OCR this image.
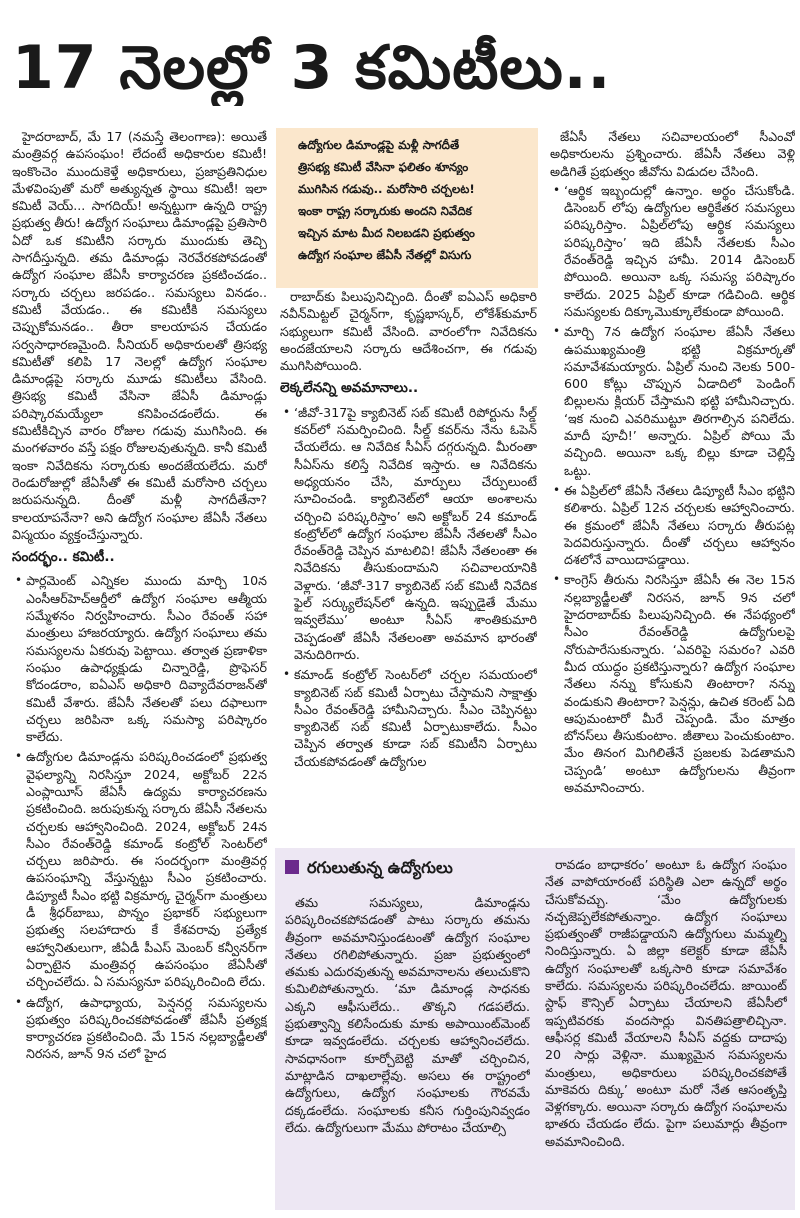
17 నెలల్లో 3 కమిటీలు..
▸ ఉద్యోగుల డిమాండ్లపై మళ్లీ సాగదీతే
▸ త్రిసభ్య కమిటీ వేసినా ఫలితం శూన్యం
▸ ముగిసిన గడువు.. మరోసారి చర్చలట!
▸ ఇంకా రాష్ట్ర సర్కారుకు అందని నివేదిక
▸ ఇచ్చిన మాట మీద నిలబడని ప్రభుత్వం
▸ ఉద్యోగ సంఘాల జేఏసీ నేతల్లో విసుగు

హైదరాబాద్, మే 17 (నమస్తే తెలంగాణ): అయితే మంత్రివర్గ ఉపసంఘం! లేదంటే అధికారుల కమిటీ! ఇంకొంచెం ముందుకెళ్తే అధికారులు, ప్రజాప్రతినిధుల మేళవింపుతో మరో అత్యున్నత స్థాయి కమిటీ! ఇలా కమిటీ వెయ్... సాగదియ్! అన్నట్టుగా ఉన్నది రాష్ట్ర ప్రభుత్వ తీరు! ఉద్యోగ సంఘాలు డిమాండ్లపై ప్రతిసారి ఏదో ఒక కమిటీని సర్కారు ముందుకు తెచ్చి సాగదీస్తున్నది. తమ డిమాండ్లు నెరవేరకపోవడంతో ఉద్యోగ సంఘాల జేఏసీ కార్యాచరణ ప్రకటించడం.. సర్కారు చర్చలు జరపడం.. సమస్యలు వినడం.. కమిటీ వేయడం.. ఈ కమిటీకి సమస్యలు చెప్పుకోమనడం.. తీరా కాలయాపన చేయడం సర్వసాధారణమైంది. సీనియర్ అధికారులతో త్రిసభ్య కమిటీతో కలిపి 17 నెలల్లో ఉద్యోగ సంఘాల డిమాండ్లపై సర్కారు మూడు కమిటీలు వేసింది. త్రిసభ్య కమిటీ వేసినా జేఏసీ డిమాండ్లు పరిష్కారమయ్యేలా కనిపించడంలేదు. ఈ కమిటీకిచ్చిన వారం రోజుల గడువు ముగిసింది. ఈ మంగళవారం వస్తే పక్షం రోజులవుతున్నది. కానీ కమిటీ ఇంకా నివేదికను సర్కారుకు అందజేయలేదు. మరో రెండురోజుల్లో జేఏసీతో ఈ కమిటీ మరోసారి చర్చలు జరుపనున్నది. దీంతో మళ్లీ సాగదీతేనా? కాలయాపనేనా? అని ఉద్యోగ సంఘాల జేఏసీ నేతలు విస్మయం వ్యక్తంచేస్తున్నారు.

సందర్భం.. కమిటీ..

• పార్లమెంట్ ఎన్నికల ముందు మార్చి 10న ఎంసీఆర్‌హెచ్‌ఆర్డీలో ఉద్యోగ సంఘాల ఆత్మీయ సమ్మేళనం నిర్వహించారు. సీఎం రేవంత్ సహా మంత్రులు హాజరయ్యారు. ఉద్యోగ సంఘాలు తమ సమస్యలను ఏకరువు పెట్టాయి. తర్వాత ప్రణాళికా సంఘం ఉపాధ్యక్షుడు చిన్నారెడ్డి, ప్రొఫెసర్ కోదండరాం, ఐఏఎస్ అధికారి దివ్యాదేవరాజన్‌తో కమిటీ వేశారు. జేఏసీ నేతలతో పలు దఫాలుగా చర్చలు జరిపినా ఒక్క సమస్యా పరిష్కారం కాలేదు.
• ఉద్యోగుల డిమాండ్లను పరిష్కరించడంలో ప్రభుత్వ వైఫల్యాన్ని నిరసిస్తూ 2024, అక్టోబర్ 22న ఎంప్లాయీస్ జేఏసీ ఉద్యమ కార్యాచరణను ప్రకటించింది. జరుపుకున్న సర్కారు జేఏసీ నేతలను చర్చలకు ఆహ్వానించింది. 2024, అక్టోబర్ 24న సీఎం రేవంత్‌రెడ్డి కమాండ్ కంట్రోల్ సెంటర్‌లో చర్చలు జరిపారు. ఈ సందర్భంగా మంత్రివర్గ ఉపసంఘాన్ని వేస్తున్నట్టు సీఎం ప్రకటించారు. డిప్యూటీ సీఎం భట్టి విక్రమార్క చైర్మన్‌గా మంత్రులు డీ శ్రీధర్‌బాబు, పొన్నం ప్రభాకర్ సభ్యులుగా ప్రభుత్వ సలహాదారు కే కేశవరావు ప్రత్యేక ఆహ్వానితులుగా, జీఏడీ పీఎస్ మెంబర్ కన్వీనర్‌గా ఏర్పాటైన మంత్రివర్గ ఉపసంఘం జేఏసీతో చర్చించలేదు. ఏ సమస్యనూ పరిష్కరించింది లేదు.
• ఉద్యోగ, ఉపాధ్యాయ, పెన్షనర్ల సమస్యలను ప్రభుత్వం పరిష్కరించకపోవడంతో జేఏసీ ప్రత్యక్ష కార్యాచరణ ప్రకటించింది. మే 15న నల్లబ్యాడ్జీలతో నిరసన, జూన్ 9న చలో హైద

రాబాద్‌కు పిలుపునిచ్చింది. దీంతో ఐఏఎస్ అధికారి నవీన్‌మిట్టల్ చైర్మన్‌గా, కృష్ణభాస్కర్, లోకేశ్‌కుమార్ సభ్యులుగా కమిటీ వేసింది. వారంలోగా నివేదికను అందజేయాలని సర్కారు ఆదేశించగా, ఈ గడువు ముగిసిపోయింది.

లెక్కలేనన్ని అవమానాలు..

• ‘జీవో-317పై క్యాబినెట్ సబ్ కమిటీ రిపోర్టును సీల్డ్ కవర్‌లో సమర్పించింది. సీల్డ్ కవర్‌ను నేను ఓపెన్ చేయలేదు. ఆ నివేదిక సీఏస్ దగ్గరున్నది. మీరంతా సీఏస్‌ను కలిస్తే నివేదిక ఇస్తారు. ఆ నివేదికను అధ్యయనం చేసి, మార్పులు చేర్పులుంటే సూచించండి. క్యాబినెట్‌లో ఆయా అంశాలను చర్చించి పరిష్కరిస్తాం’ అని అక్టోబర్ 24 కమాండ్ కంట్రోల్‌లో ఉద్యోగ సంఘాల జేఏసీ నేతలతో సీఎం రేవంత్‌రెడ్డి చెప్పిన మాటలివి! జేఏసీ నేతలంతా ఈ నివేదికను తీసుకుందామని సచివాలయానికి వెళ్లారు. ‘జీవో-317 క్యాబినెట్ సబ్ కమిటీ నివేదిక ఫైల్ సర్క్యులేషన్‌లో ఉన్నది. ఇప్పుడైతే మేము ఇవ్వలేము’ అంటూ సీఏస్ శాంతికుమారి చెప్పడంతో జేఏసీ నేతలంతా అవమాన భారంతో వెనుదిరిగారు.
• కమాండ్ కంట్రోల్ సెంటర్‌లో చర్చల సమయంలో క్యాబినెట్ సబ్ కమిటీ ఏర్పాటు చేస్తామని సాక్షాత్తు సీఎం రేవంత్‌రెడ్డి హామీనిచ్చారు. సీఎం చెప్పినట్టు క్యాబినెట్ సబ్ కమిటీ ఏర్పాటుకాలేదు. సీఎం చెప్పిన తర్వాత కూడా సబ్ కమిటీని ఏర్పాటు చేయకపోవడంతో ఉద్యోగుల

జేఏసీ నేతలు సచివాలయంలో సీఎంవో అధికారులను ప్రశ్నించారు. జేఏసీ నేతలు వెళ్లి అడిగితే ప్రభుత్వం జీవోను విడుదల చేసింది.

• ‘ఆర్థిక ఇబ్బందుల్లో ఉన్నాం. అర్థం చేసుకోండి. డిసెంబర్ లోపు ఉద్యోగుల ఆర్థికేతర సమస్యలు పరిష్కరిస్తాం. ఏప్రిల్‌లోపు ఆర్థిక సమస్యలు పరిష్కరిస్తాం’ ఇది జేఏసీ నేతలకు సీఎం రేవంత్‌రెడ్డి ఇచ్చిన హామీ. 2014 డిసెంబర్ పోయింది. అయినా ఒక్క సమస్య పరిష్కారం కాలేదు. 2025 ఏప్రిల్ కూడా గడిచింది. ఆర్థిక సమస్యలకు దిక్కూమొక్కూలేకుండా పోయింది.
• మార్చి 7న ఉద్యోగ సంఘాల జేఏసీ నేతలు ఉపముఖ్యమంత్రి భట్టి విక్రమార్కతో సమావేశమయ్యారు. ఏప్రిల్ నుంచి నెలకు 500-600 కోట్లు చొప్పున ఏడాదిలో పెండింగ్ బిల్లులను క్లియర్ చేస్తామని భట్టి హామీనిచ్చారు. ‘ఇక నుంచి ఎవరిముట్టూ తిరగాల్సిన పనిలేదు. మాదీ పూచీ!’ అన్నారు. ఏప్రిల్ పోయి మే వచ్చింది. అయినా ఒక్క బిల్లు కూడా చెల్లిస్తే ఒట్టు.
• ఈ ఏప్రిల్‌లో జేఏసీ నేతలు డిప్యూటీ సీఎం భట్టిని కలిశారు. ఏప్రిల్ 12న చర్చలకు ఆహ్వానించారు. ఈ క్రమంలో జేఏసీ నేతలు సర్కారు తీరుపట్ల పెదవిరుస్తున్నారు. దీంతో చర్చలు ఆహ్వానం దశలోనే వాయిదాపడ్డాయి.
• కాంగ్రెస్ తీరును నిరసిస్తూ జేఏసీ ఈ నెల 15న నల్లబ్యాడ్జీలతో నిరసన, జూన్ 9న చలో హైదరాబాద్‌కు పిలుపునిచ్చింది. ఈ నేపథ్యంలో సీఎం రేవంత్‌రెడ్డి ఉద్యోగులపై నోరుపారేసుకున్నారు. ‘ఎవరిపై సమరం? ఎవరి మీద యుద్ధం ప్రకటిస్తున్నారు? ఉద్యోగ సంఘాల నేతలు నన్ను కోసుకుని తింటారా? నన్ను వండుకుని తింటారా? పెన్షన్లు, ఉచిత కరెంట్ ఏది ఆపుమంటారో మీరే చెప్పండి. మేం మాత్రం బోనస్‌లు తీసుకుంటాం. జీతాలు పెంచుకుంటాం. మేం తినంగ మిగిలితేనే ప్రజలకు పెడతామని చెప్పండి’ అంటూ ఉద్యోగులను తీవ్రంగా అవమానించారు.
రగులుతున్న ఉద్యోగులు

తమ సమస్యలు, డిమాండ్లను పరిష్కరించకపోవడంతో పాటు సర్కారు తమను తీవ్రంగా అవమానిస్తుండటంతో ఉద్యోగ సంఘాల నేతలు రగిలిపోతున్నారు. ప్రజా ప్రభుత్వంలో తమకు ఎదురవుతున్న అవమానాలను తలుచుకొని కుమిలిపోతున్నారు. ‘మా డిమాండ్ల సాధనకు ఎక్కని ఆఫీసులేదు.. తొక్కని గడపలేదు. ప్రభుత్వాన్ని కలిసేందుకు మాకు అపాయింట్‌మెంట్ కూడా ఇవ్వడంలేదు. చర్చలకు ఆహ్వానించలేదు. సావధానంగా కూర్చోబెట్టి మాతో చర్చించిన, మాట్లాడిన దాఖలాల్లేవు. అసలు ఈ రాష్ట్రంలో ఉద్యోగులు, ఉద్యోగ సంఘాలకు గౌరవమే దక్కడంలేదు. సంఘాలకు కనీస గుర్తింపునివ్వడం లేదు. ఉద్యోగులుగా మేము పోరాటం చేయాల్సి

రావడం బాధాకరం’ అంటూ ఓ ఉద్యోగ సంఘం నేత వాపోయారంటే పరిస్థితి ఎలా ఉన్నదో అర్థం చేసుకోవచ్చు. ‘మేం ఉద్యోగులకు నచ్చజెప్పలేకపోతున్నాం. ఉద్యోగ సంఘాలు ప్రభుత్వంతో రాజీపడ్డాయని ఉద్యోగులు మమ్మల్ని నిందిస్తున్నారు. ఏ జిల్లా కలెక్టర్ కూడా జేఏసీ ఉద్యోగ సంఘాలతో ఒక్కసారి కూడా సమావేశం కాలేదు. సమస్యలను పరిష్కరించలేదు. జాయింట్ స్టాఫ్ కౌన్సిల్ ఏర్పాటు చేయాలని జేఏసీలో ఇప్పటివరకు వందసార్లు వినతిపత్రాలిచ్చినా. ఆఫీసర్ల కమిటీ వేయాలని సీఏస్ వద్దకు దాదాపు 20 సార్లు వెళ్లినా. ముఖ్యమైన సమస్యలను మంత్రులు, అధికారులు పరిష్కరించకపోతే మాకెవరు దిక్కు’ అంటూ మరో నేత ఆసంతృప్తి వెళ్లగక్కారు. అయినా సర్కారు ఉద్యోగ సంఘాలను భాతరు చేయడం లేదు. పైగా పలుమార్లు తీవ్రంగా అవమానించింది.
